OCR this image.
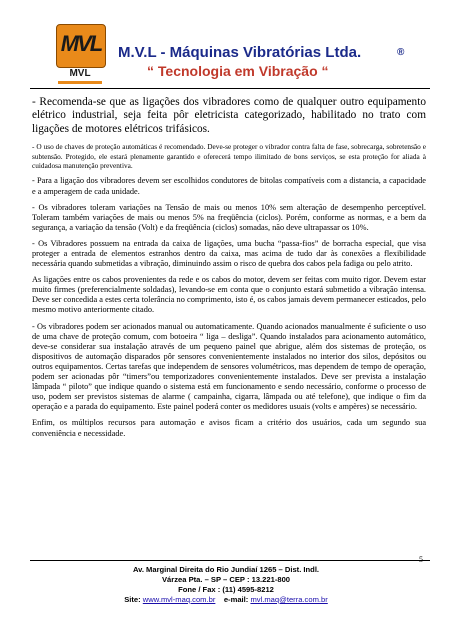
MVL
MVL
M.V.L - Máquinas Vibratórias Ltda.	®
“ Tecnologia em Vibração “

- Recomenda-se que as ligações dos vibradores como de qualquer outro equipamento elétrico industrial, seja feita pôr eletricista categorizado, habilitado no trato com ligações de motores elétricos trifásicos.

- O uso de chaves de proteção automáticas é recomendado. Deve-se proteger o vibrador contra falta de fase, sobrecarga, sobretensão e subtensão. Protegido, ele estará plenamente garantido e oferecerá tempo ilimitado de bons serviços, se esta proteção for aliada à cuidadosa manutenção preventiva.

- Para a ligação dos vibradores devem ser escolhidos condutores de bitolas compatíveis com a distancia, a capacidade e a amperagem de cada unidade.

- Os vibradores toleram variações na Tensão de mais ou menos 10% sem alteração de desempenho perceptível. Toleram também variações de mais ou menos 5% na freqüência (ciclos). Porém, conforme as normas, e a bem da segurança, a variação da tensão (Volt) e da freqüência (ciclos) somadas, não deve ultrapassar os 10%.

- Os Vibradores possuem na entrada da caixa de ligações, uma bucha “passa-fios” de borracha especial, que visa proteger a entrada de elementos estranhos dentro da caixa, mas acima de tudo dar às conexões a flexibilidade necessária quando submetidas a vibração, diminuindo assim o risco de quebra dos cabos pela fadiga ou pelo atrito.

As ligações entre os cabos provenientes da rede e os cabos do motor, devem ser feitas com muito rigor. Devem estar muito firmes (preferencialmente soldadas), levando-se em conta que o conjunto estará submetido a vibração intensa. Deve ser concedida a estes certa tolerância no comprimento, isto é, os cabos jamais devem permanecer esticados, pelo mesmo motivo anteriormente citado.

- Os vibradores podem ser acionados manual ou automaticamente. Quando acionados manualmente é suficiente o uso de uma chave de proteção comum, com botoeira “ liga – desliga”. Quando instalados para acionamento automático, deve-se considerar sua instalação através de um pequeno painel que abrigue, além dos sistemas de proteção, os dispositivos de automação disparados pôr sensores convenientemente instalados no interior dos silos, depósitos ou outros equipamentos. Certas tarefas que independem de sensores volumétricos, mas dependem de tempo de operação, podem ser acionadas pôr “timers”ou temporizadores convenientemente instalados. Deve ser prevista a instalação lâmpada “ piloto” que indique quando o sistema está em funcionamento e sendo necessário, conforme o processo de uso, podem ser previstos sistemas de alarme ( campainha, cigarra, lâmpada ou até telefone), que indique o fim da operação e a parada do equipamento. Este painel poderá conter os medidores usuais (volts e ampères) se necessário.

Enfim, os múltiplos recursos para automação e avisos ficam a critério dos usuários, cada um segundo sua conveniência e necessidade.

5
Av. Marginal Direita do Rio Jundiaí 1265 – Dist. Indl.
Várzea Pta. – SP – CEP : 13.221-800
Fone / Fax : (11) 4595-8212
Site: www.mvl-maq.com.br e-mail: mvl.maq@terra.com.br
